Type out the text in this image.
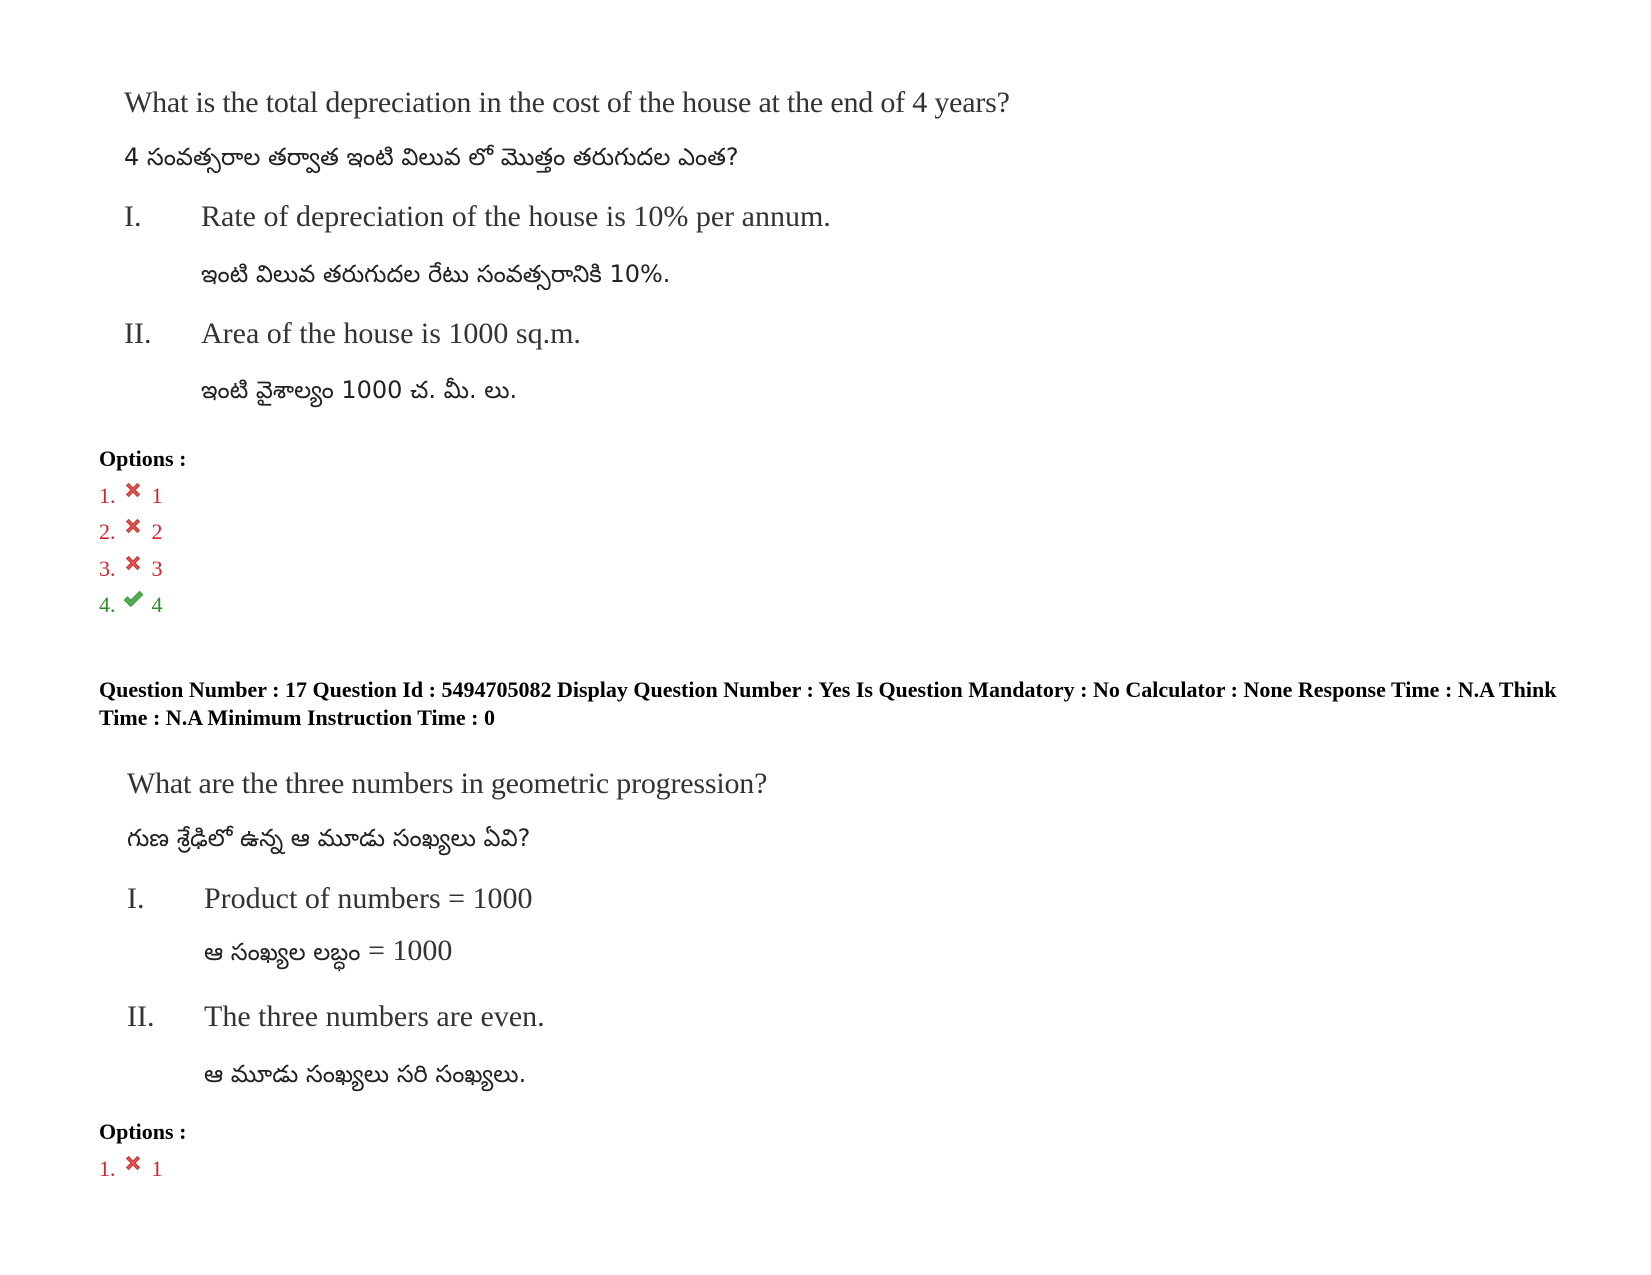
What is the total depreciation in the cost of the house at the end of 4 years?
4 సంవత్సరాల తర్వాత ఇంటి విలువ లో మొత్తం తరుగుదల ఎంత?
I. Rate of depreciation of the house is 10% per annum.
ఇంటి విలువ తరుగుదల రేటు సంవత్సరానికి 10%.
II. Area of the house is 1000 sq.m.
ఇంటి వైశాల్యం 1000 చ. మీ. లు.
Options :
1. 1
2. 2
3. 3
4. 4
Question Number : 17 Question Id : 5494705082 Display Question Number : Yes Is Question Mandatory : No Calculator : None Response Time : N.A Think Time : N.A Minimum Instruction Time : 0
What are the three numbers in geometric progression?
గుణ శ్రేఢిలో ఉన్న ఆ మూడు సంఖ్యలు ఏవి?
I. Product of numbers = 1000
ఆ సంఖ్యల లబ్ధం = 1000
II. The three numbers are even.
ఆ మూడు సంఖ్యలు సరి సంఖ్యలు.
Options :
1. 1
